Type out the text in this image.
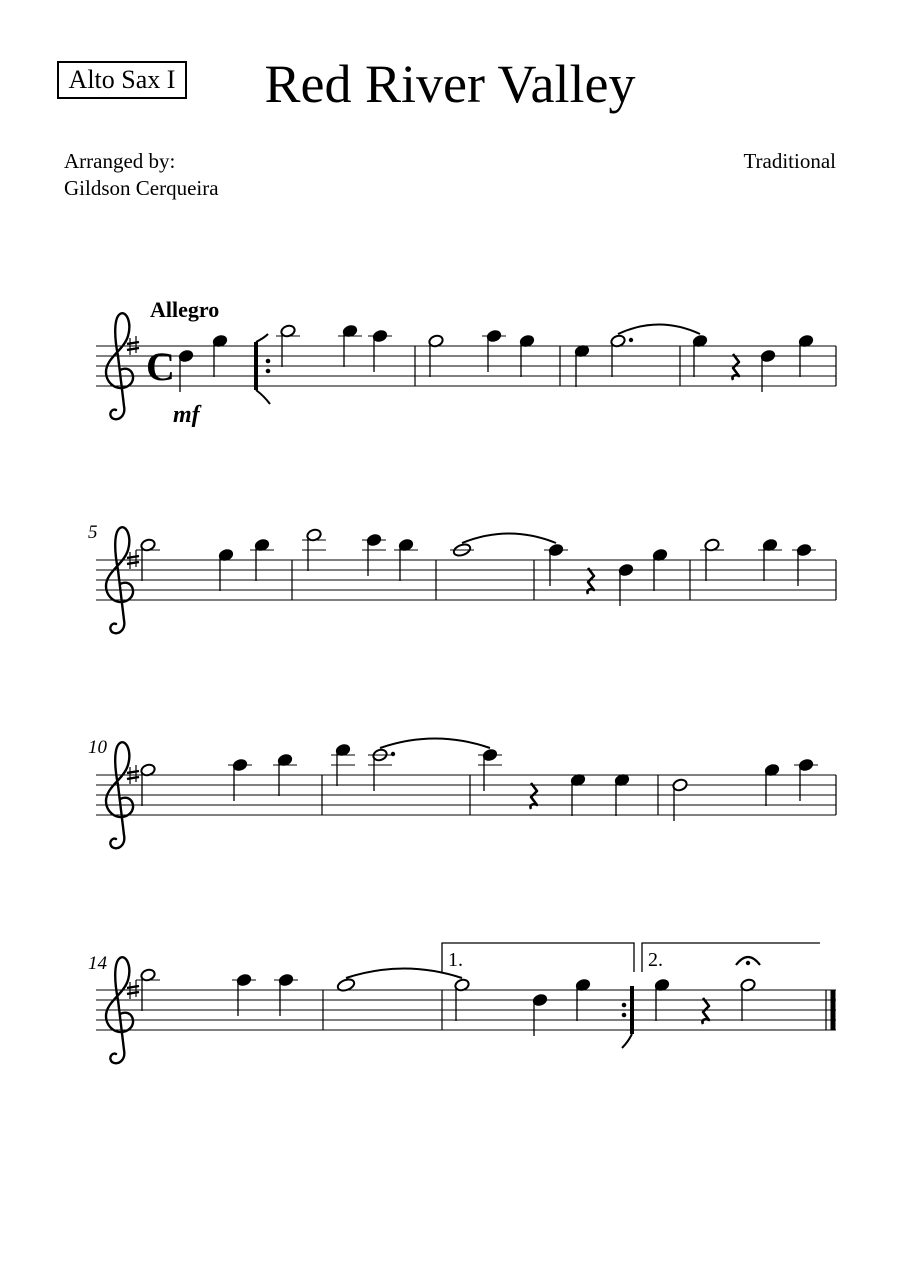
Alto Sax I	Red River Valley
Arranged by:
Gildson Cerqueira
Traditional
Allegro
5
10
14
C
mf
1.	2.
